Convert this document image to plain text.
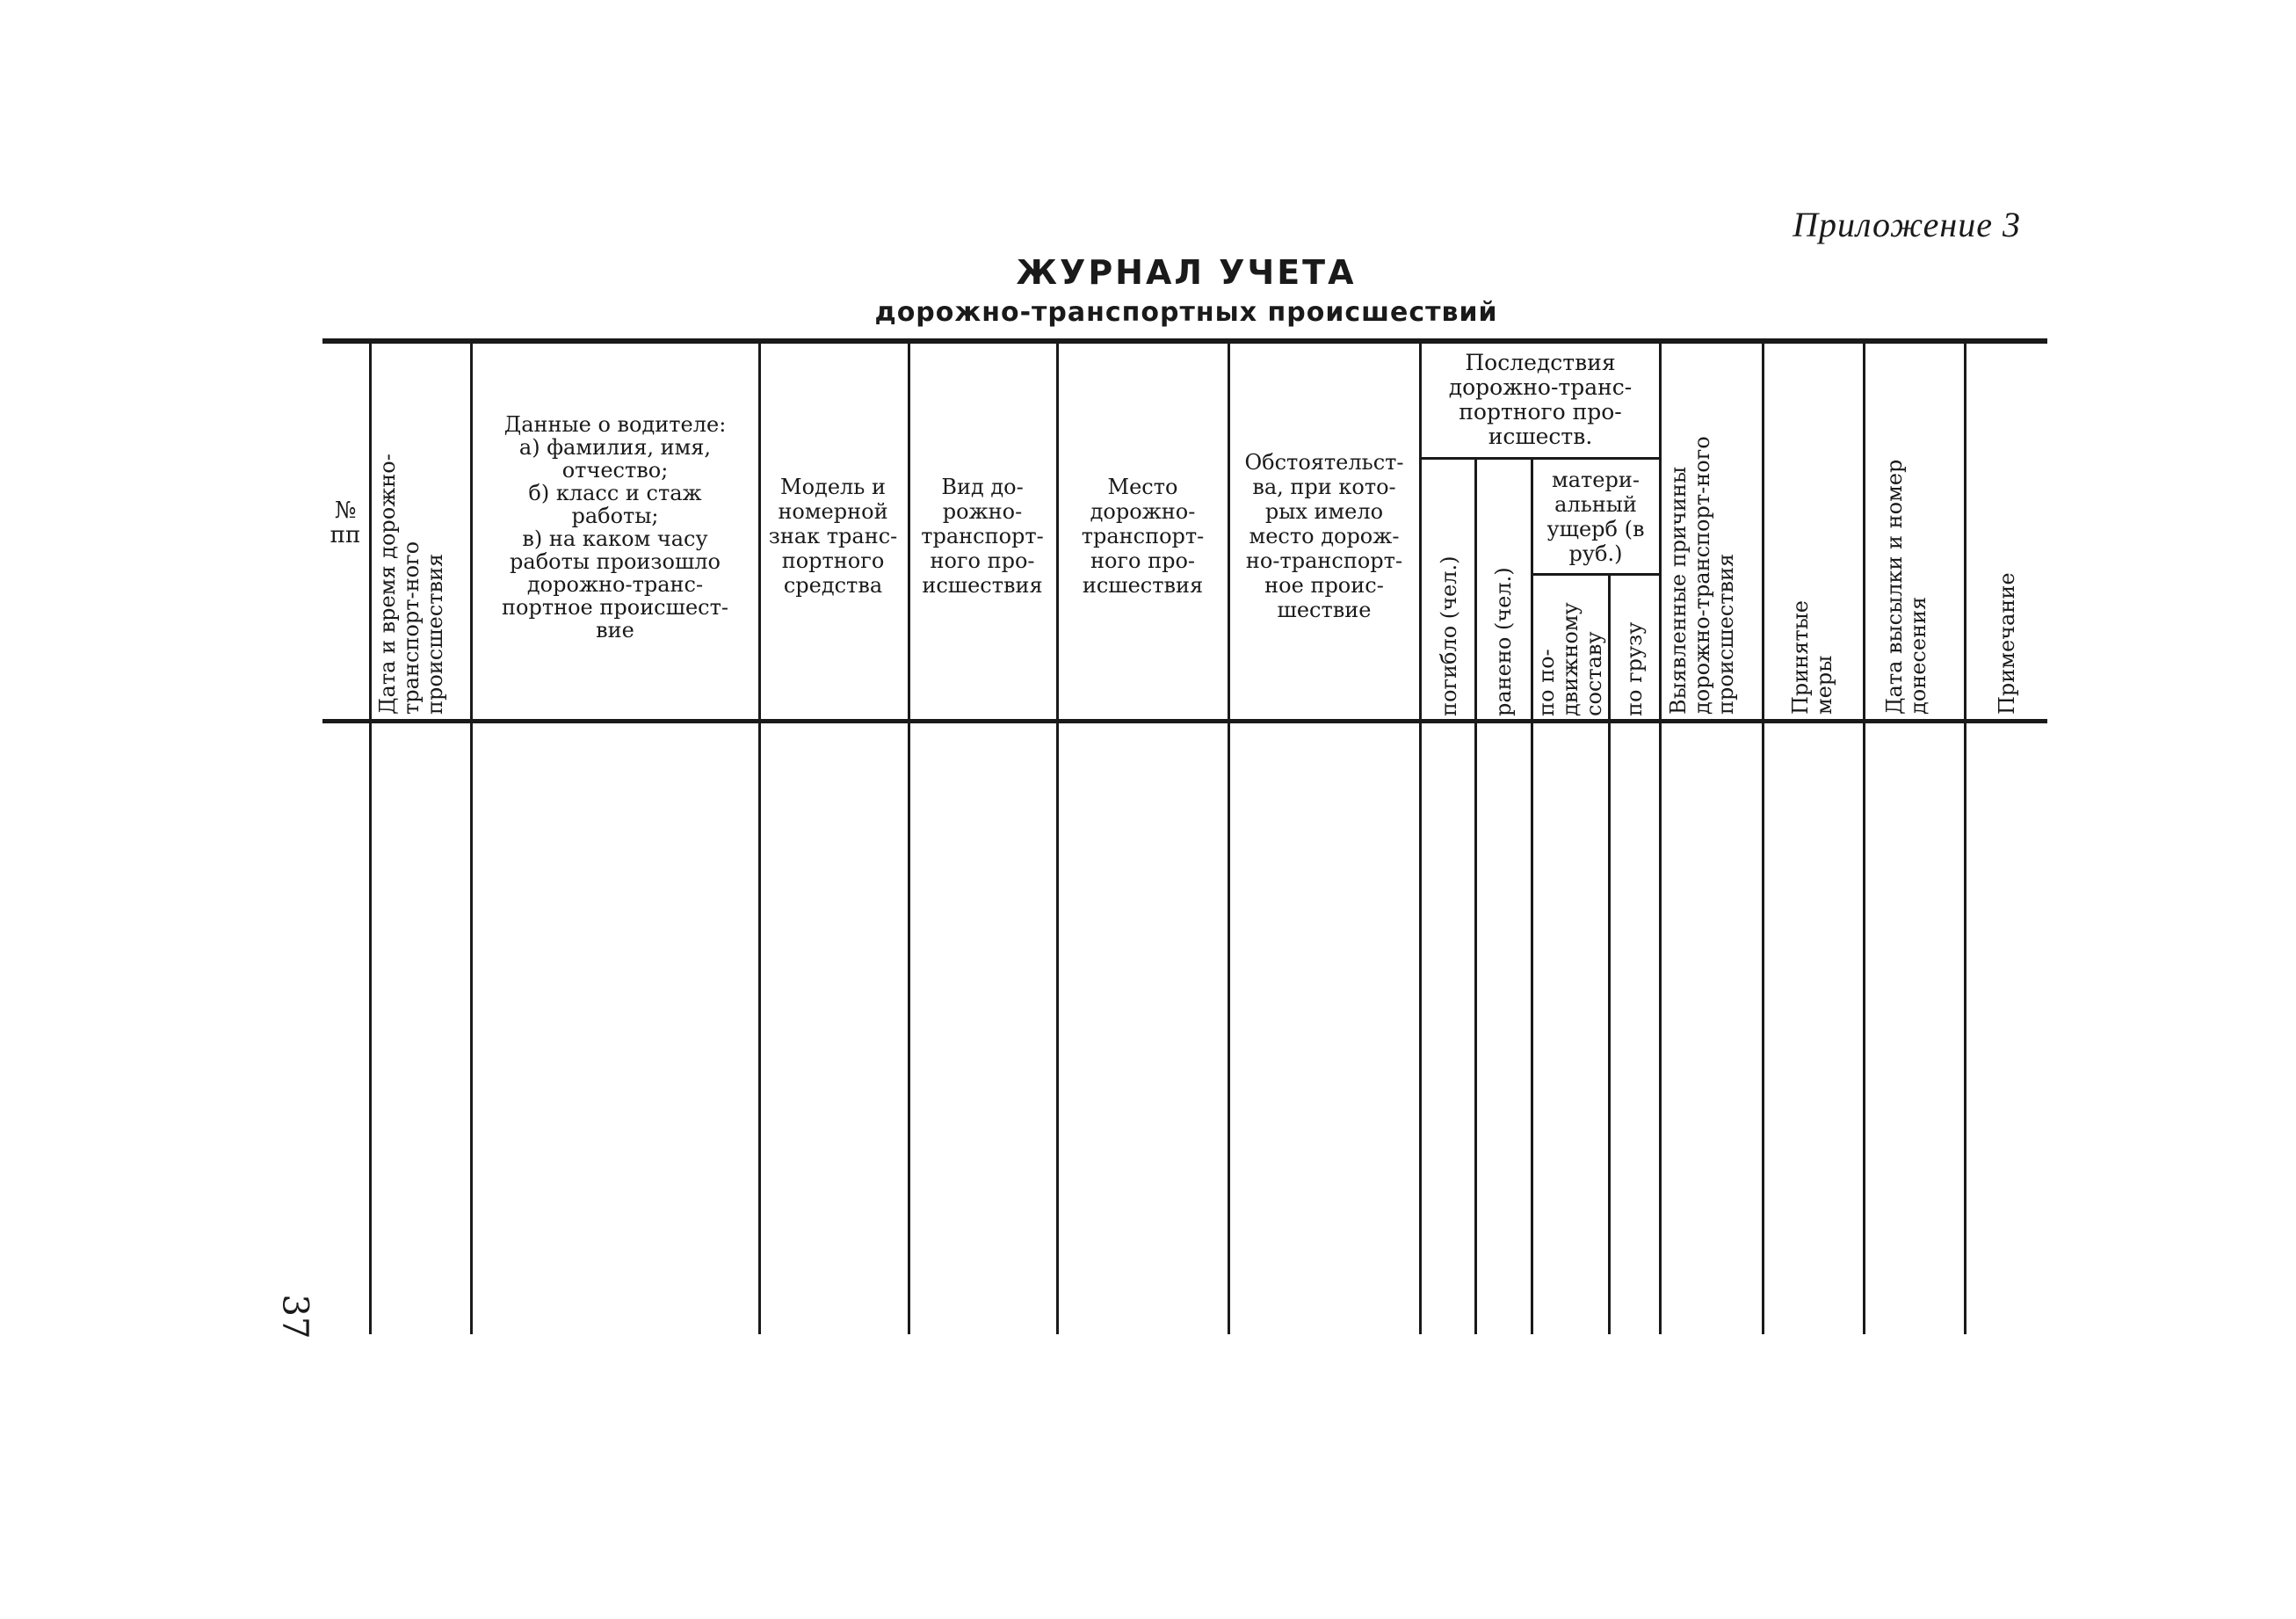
Приложение 3
ЖУРНАЛ УЧЕТА
дорожно-транспортных происшествий
№ пп Дата и время дорожно-транспорт-ного происшествия
Данные о водителе:
а) фамилия, имя, отчество;
б) класс и стаж работы;
в) на каком часу работы произошло дорожно-транс-портное происшест-вие
Модель и номерной знак транс-портного средства
Вид до-рожно-транспорт-ного про-исшествия
Место дорожно-транспорт-ного про-исшествия
Обстоятельст-ва, при кото-рых имело место дорож-но-транспорт-ное проис-шествие
Последствия дорожно-транс-портного про-исшеств.
погибло (чел.) ранено (чел.)
матери-альный ущерб (в руб.)
по по-движному составу по грузу Выявленные причины дорожно-транспорт-ного происшествия	Принятые меры Дата высылки и номер донесения	Примечание
37
